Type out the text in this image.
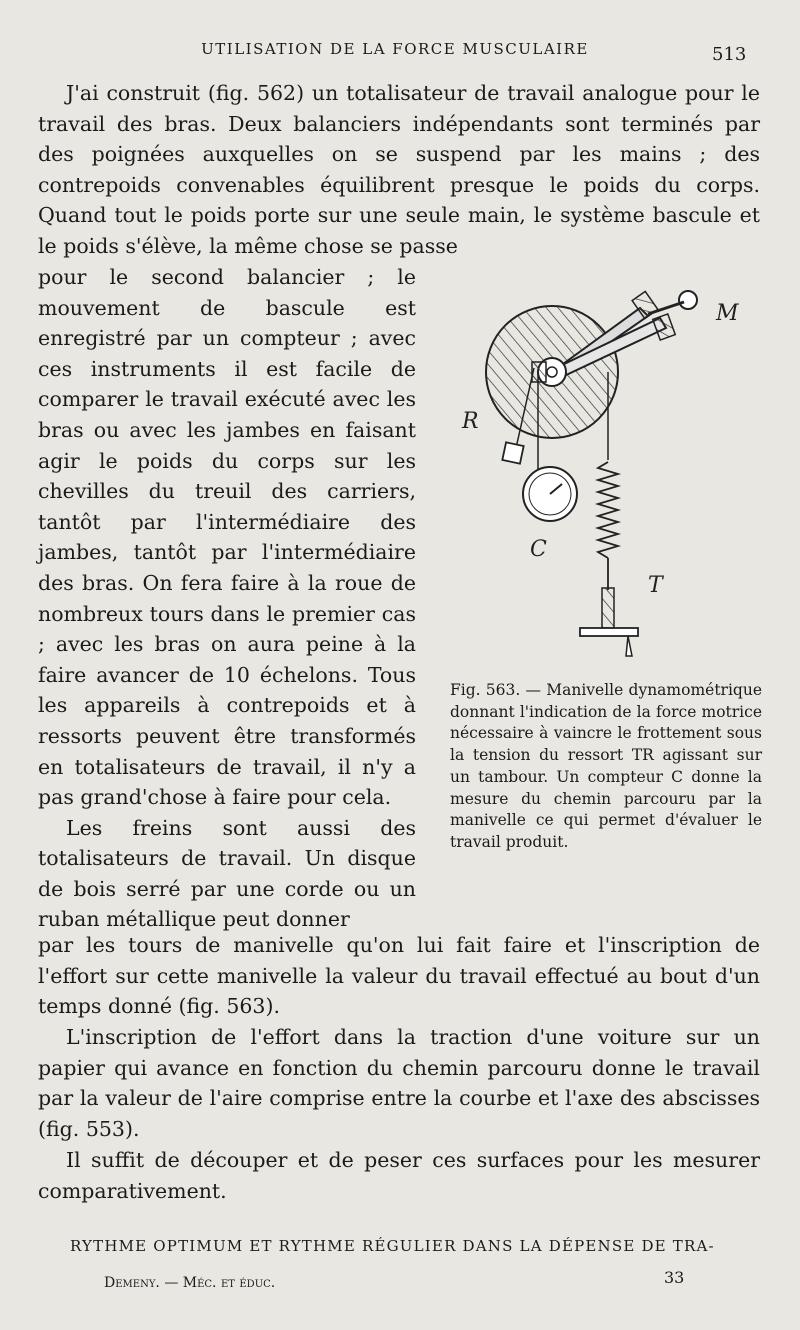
UTILISATION DE LA FORCE MUSCULAIRE	513

J'ai construit (fig. 562) un totalisateur de travail analogue pour le travail des bras. Deux balanciers indépendants sont terminés par des poignées auxquelles on se suspend par les mains ; des contrepoids convenables équilibrent presque le poids du corps. Quand tout le poids porte sur une seule main, le système bascule et le poids s'élève, la même chose se passe

pour le second balancier ; le mouvement de bascule est enregistré par un compteur ; avec ces instruments il est facile de comparer le travail exécuté avec les bras ou avec les jambes en faisant agir le poids du corps sur les chevilles du treuil des carriers, tantôt par l'intermédiaire des jambes, tantôt par l'intermédiaire des bras. On fera faire à la roue de nombreux tours dans le premier cas ; avec les bras on aura peine à la faire avancer de 10 échelons. Tous les appareils à contrepoids et à ressorts peuvent être transformés en totalisateurs de travail, il n'y a pas grand'chose à faire pour cela.

Les freins sont aussi des totalisateurs de travail. Un disque de bois serré par une corde ou un ruban métallique peut donner

M
R
C
T

Fig. 563. — Manivelle dynamométrique donnant l'indication de la force motrice nécessaire à vaincre le frottement sous la tension du ressort TR agissant sur un tambour. Un compteur C donne la mesure du chemin parcouru par la manivelle ce qui permet d'évaluer le travail produit.

par les tours de manivelle qu'on lui fait faire et l'inscription de l'effort sur cette manivelle la valeur du travail effectué au bout d'un temps donné (fig. 563).

L'inscription de l'effort dans la traction d'une voiture sur un papier qui avance en fonction du chemin parcouru donne le travail par la valeur de l'aire comprise entre la courbe et l'axe des abscisses (fig. 553).

Il suffit de découper et de peser ces surfaces pour les mesurer comparativement.

RYTHME OPTIMUM ET RYTHME RÉGULIER DANS LA DÉPENSE DE TRA-
Demeny. — Méc. et éduc.	33
